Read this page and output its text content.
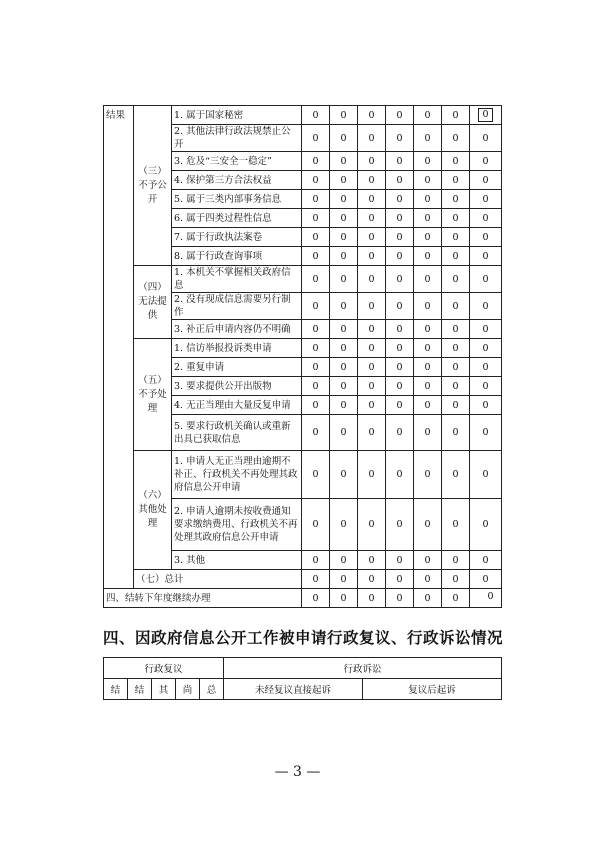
结果	（三）不予公开	1. 属于国家秘密	0	0	0	0	0	0	0
		2. 其他法律行政法规禁止公开	0	0	0	0	0	0	0
		3. 危及“三安全一稳定”	0	0	0	0	0	0	0
		4. 保护第三方合法权益	0	0	0	0	0	0	0
		5. 属于三类内部事务信息	0	0	0	0	0	0	0
		6. 属于四类过程性信息	0	0	0	0	0	0	0
		7. 属于行政执法案卷	0	0	0	0	0	0	0
		8. 属于行政查询事项	0	0	0	0	0	0	0
	（四）无法提供	1. 本机关不掌握相关政府信息	0	0	0	0	0	0	0
		2. 没有现成信息需要另行制作	0	0	0	0	0	0	0
		3. 补正后申请内容仍不明确	0	0	0	0	0	0	0
	（五）不予处理	1. 信访举报投诉类申请	0	0	0	0	0	0	0
		2. 重复申请	0	0	0	0	0	0	0
		3. 要求提供公开出版物	0	0	0	0	0	0	0
		4. 无正当理由大量反复申请	0	0	0	0	0	0	0
		5. 要求行政机关确认或重新出具已获取信息	0	0	0	0	0	0	0
	（六）其他处理	1. 申请人无正当理由逾期不补正、行政机关不再处理其政府信息公开申请	0	0	0	0	0	0	0
		2. 申请人逾期未按收费通知要求缴纳费用、行政机关不再处理其政府信息公开申请	0	0	0	0	0	0	0
		3. 其他	0	0	0	0	0	0	0
	（七）总计		0	0	0	0	0	0	0
四、结转下年度继续办理			0	0	0	0	0	0	0
四、因政府信息公开工作被申请行政复议、行政诉讼情况
行政复议					行政诉讼	
结	结	其	尚	总	未经复议直接起诉	复议后起诉
— 3 —
